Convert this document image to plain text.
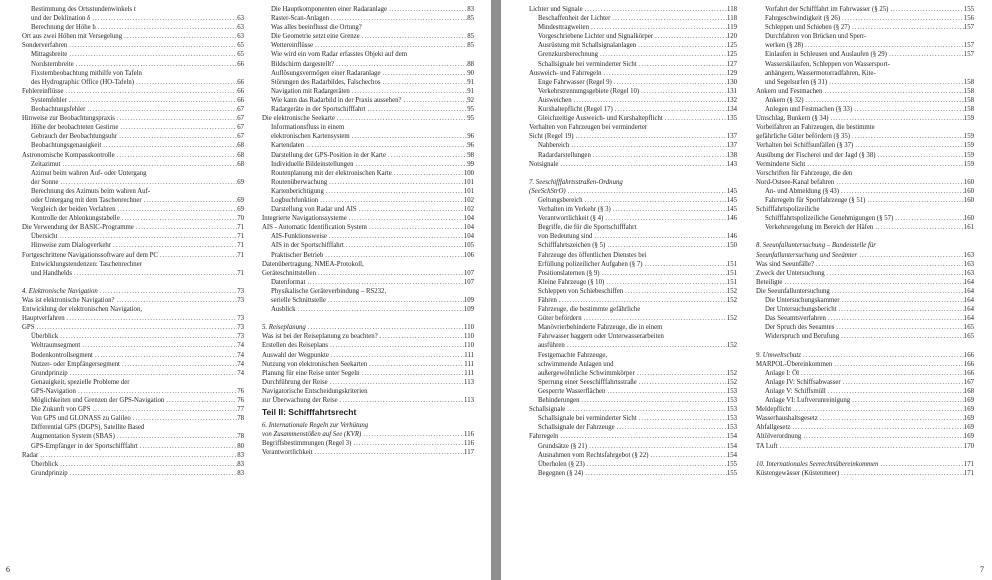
Bestimmung des Ortsstundenwinkels t
und der Deklination δ .....	63
Berechnung der Höhe h .....	63
Ort aus zwei Höhen mit Versegelung .....	63
Sonderverfahren .....	65
Mittagsbreite .....	65
Nordsternbreite .....	66
Fixsternbeobachtung mithilfe von Tafeln
des Hydrographic Office (HO-Tafeln) .....	66
Fehlereinflüsse .....	66
Systemfehler .....	66
Beobachtungsfehler .....	67
Hinweise zur Beobachtungspraxis .....	67
Höhe der beobachteten Gestirne .....	67
Gebrauch der Beobachtungsuhr .....	67
Beobachtungsgenauigkeit .....	68
Astronomische Kompasskontrolle .....	68
Zeitazimut .....	68
Azimut beim wahren Auf- oder Untergang
der Sonne .....	69
Berechnung des Azimuts beim wahren Auf-
oder Untergang mit dem Taschenrechner .....	69
Vergleich der beiden Verfahren .....	69
Kontrolle der Ablenkungstabelle .....	70
Die Verwendung der BASIC-Programme .....	71
Übersicht .....	71
Hinweise zum Dialogverkehr .....	71
Fortgeschrittene Navigationssoftware auf dem PC .....	71
Entwicklungstendenzen: Taschenrechner
und Handhelds .....	71
4. Elektronische Navigation .....	73
Was ist elektronische Navigation? .....	73
Entwicklung der elektronischen Navigation,
Hauptverfahren .....	73
GPS .....	73
Überblick .....	73
Weltraumsegment .....	74
Bodenkontrollsegment .....	74
Nutzer- oder Empfängersegment .....	74
Grundprinzip .....	74
Genauigkeit, spezielle Probleme der
GPS-Navigation .....	76
Möglichkeiten und Grenzen der GPS-Navigation .....	76
Die Zukunft von GPS .....	77
Von GPS und GLONASS zu Galileo .....	78
Differential GPS (DGPS), Satellite Based
Augmentation System (SBAS) .....	78
GPS-Empfänger in der Sportschifffahrt .....	80
Radar .....	83
Überblick .....	83
Grundprinzip .....	83
Die Hauptkomponenten einer Radaranlage .....	83
Raster-Scan-Anlagen .....	85
Was alles beeinflusst die Ortung?
Die Geometrie setzt eine Grenze .....	85
Wettereinflüsse .....	85
Wie wird ein vom Radar erfasstes Objekt auf dem
Bildschirm dargestellt? .....	88
Auflösungsvermögen einer Radaranlage .....	90
Störungen des Radarbildes, Falschechos .....	91
Navigation mit Radargeräten .....	91
Wie kann das Radarbild in der Praxis aussehen? .....	92
Radargeräte in der Sportschifffahrt .....	95
Die elektronische Seekarte .....	95
Informationsfluss in einem
elektronischen Kartensystem .....	96
Kartendaten .....	96
Darstellung der GPS-Position in der Karte .....	98
Individuelle Bildeinstellungen .....	99
Routenplanung mit der elektronischen Karte .....	100
Routenüberwachung .....	101
Kartenberichtigung .....	101
Logbuchfunktion .....	102
Darstellung von Radar und AIS .....	102
Integrierte Navigationssysteme .....	104
AIS - Automatic Identification System .....	104
AIS-Funktionsweise .....	104
AIS in der Sportschifffahrt .....	105
Praktischer Betrieb .....	106
Datenübertragung, NMEA-Protokoll,
Geräteschnittstellen .....	107
Datenformat .....	107
Physikalische Geräteverbindung – RS232,
serielle Schnittstelle .....	109
Ausblick .....	109
5. Reiseplanung .....	110
Was ist bei der Reiseplanung zu beachten? .....	110
Erstellen des Reiseplans .....	110
Auswahl der Wegpunkte .....	111
Nutzung von elektronischen Seekarten .....	111
Planung für eine Reise unter Segeln .....	111
Durchführung der Reise .....	113
Navigatorische Entscheidungskriterien
zur Überwachung der Reise .....	113
Teil II: Schifffahrtsrecht
6. Internationale Regeln zur Verhütung
von Zusammenstößen auf See (KVR) .....	116
Begriffsbestimmungen (Regel 3) .....	116
Verantwortlichkeit .....	117
6
Lichter und Signale .....	118
Beschaffenheit der Lichter .....	118
Mindesttragweiten .....	119
Vorgeschriebene Lichter und Signalkörper .....	120
Ausrüstung mit Schallsignalanlagen .....	125
Grenzkursberechnung .....	125
Schallsignale bei verminderter Sicht .....	127
Ausweich- und Fahrregeln .....	129
Enge Fahrwasser (Regel 9) .....	130
Verkehrstrennungsgebiete (Regel 10) .....	131
Ausweichen .....	132
Kurshaltepflicht (Regel 17) .....	134
Gleichzeitige Ausweich- und Kurshaltepflicht .....	135
Verhalten von Fahrzeugen bei verminderter
Sicht (Regel 19) .....	137
Nahbereich .....	137
Radardarstellungen .....	138
Notsignale .....	143
7. Seeschifffahrtsstraßen-Ordnung
(SeeSchStrO) .....	145
Geltungsbereich .....	145
Verhalten im Verkehr (§ 3) .....	145
Verantwortlichkeit (§ 4) .....	146
Begriffe, die für die Sportschifffahrt
von Bedeutung sind .....	146
Schifffahrtszeichen (§ 5) .....	150
Fahrzeuge des öffentlichen Dienstes bei
Erfüllung polizeilicher Aufgaben (§ 7) .....	151
Positionslaternen (§ 9) .....	151
Kleine Fahrzeuge (§ 10) .....	151
Schleppen von Schiebeschiffen .....	152
Fähren .....	152
Fahrzeuge, die bestimmte gefährliche
Güter befördern .....	152
Manövrierbehinderte Fahrzeuge, die in einem
Fahrwasser baggern oder Unterwasserarbeiten
ausführen .....	152
Festgemachte Fahrzeuge,
schwimmende Anlagen und
außergewöhnliche Schwimmkörper .....	152
Sperrung einer Seeschifffahrtsstraße .....	152
Gesperrte Wasserflächen .....	153
Behinderungen .....	153
Schallsignale .....	153
Schallsignale bei verminderter Sicht .....	153
Schallsignale der Fahrzeuge .....	153
Fahrregeln .....	154
Grundsätze (§ 21) .....	154
Ausnahmen vom Rechtsfahrgebot (§ 22) .....	154
Überholen (§ 23) .....	155
Begegnen (§ 24) .....	155
Vorfahrt der Schifffahrt im Fahrwasser (§ 25) .....	155
Fahrgeschwindigkeit (§ 26) .....	156
Schleppen und Schieben (§ 27) .....	157
Durchfahren von Brücken und Sperr-
werken (§ 28) .....	157
Einlaufen in Schleusen und Auslaufen (§ 29) .....	157
Wasserskilaufen, Schleppen von Wassersport-
anhängern, Wassermotorradfahren, Kite-
und Segelsurfen (§ 31) .....	158
Ankern und Festmachen .....	158
Ankern (§ 32) .....	158
Anlegen und Festmachen (§ 33) .....	158
Umschlag, Bunkern (§ 34) .....	159
Vorbeifahren an Fahrzeugen, die bestimmte
gefährliche Güter befördern (§ 35) .....	159
Verhalten bei Schiffsunfällen (§ 37) .....	159
Ausübung der Fischerei und der Jagd (§ 38) .....	159
Verminderte Sicht .....	159
Vorschriften für Fahrzeuge, die den
Nord-Ostsee-Kanal befahren .....	160
An- und Abmeldung (§ 43) .....	160
Fahrregeln für Sportfahrzeuge (§ 51) .....	160
Schifffahrtspolizeiliche
Schifffahrtspolizeiliche Genehmigungen (§ 57) .....	160
Verkehrsregelung im Bereich der Häfen .....	161
8. Seeunfalluntersuchung – Bundesstelle für
Seeunfalluntersuchung und Seeämter .....	163
Was sind Seeunfälle? .....	163
Zweck der Untersuchung .....	163
Beteiligte .....	164
Die Seeunfalluntersuchung .....	164
Die Untersuchungskammer .....	164
Der Untersuchungsbericht .....	164
Das Seeamtsverfahren .....	164
Der Spruch des Seeamtes .....	165
Widerspruch und Berufung .....	165
9. Umweltschutz .....	166
MARPOL-Übereinkommen .....	166
Anlage I: Öl .....	166
Anlage IV: Schiffsabwasser .....	167
Anlage V: Schiffsmüll .....	168
Anlage VI: Luftverunreinigung .....	169
Meldepflicht .....	169
Wasserhaushaltsgesetz .....	169
Abfallgesetz .....	169
Altölverordnung .....	169
TA Luft .....	170
10. Internationales Seerechtsübereinkommen .....	171
Küstengewässer (Küstenmeer) .....	171
7
